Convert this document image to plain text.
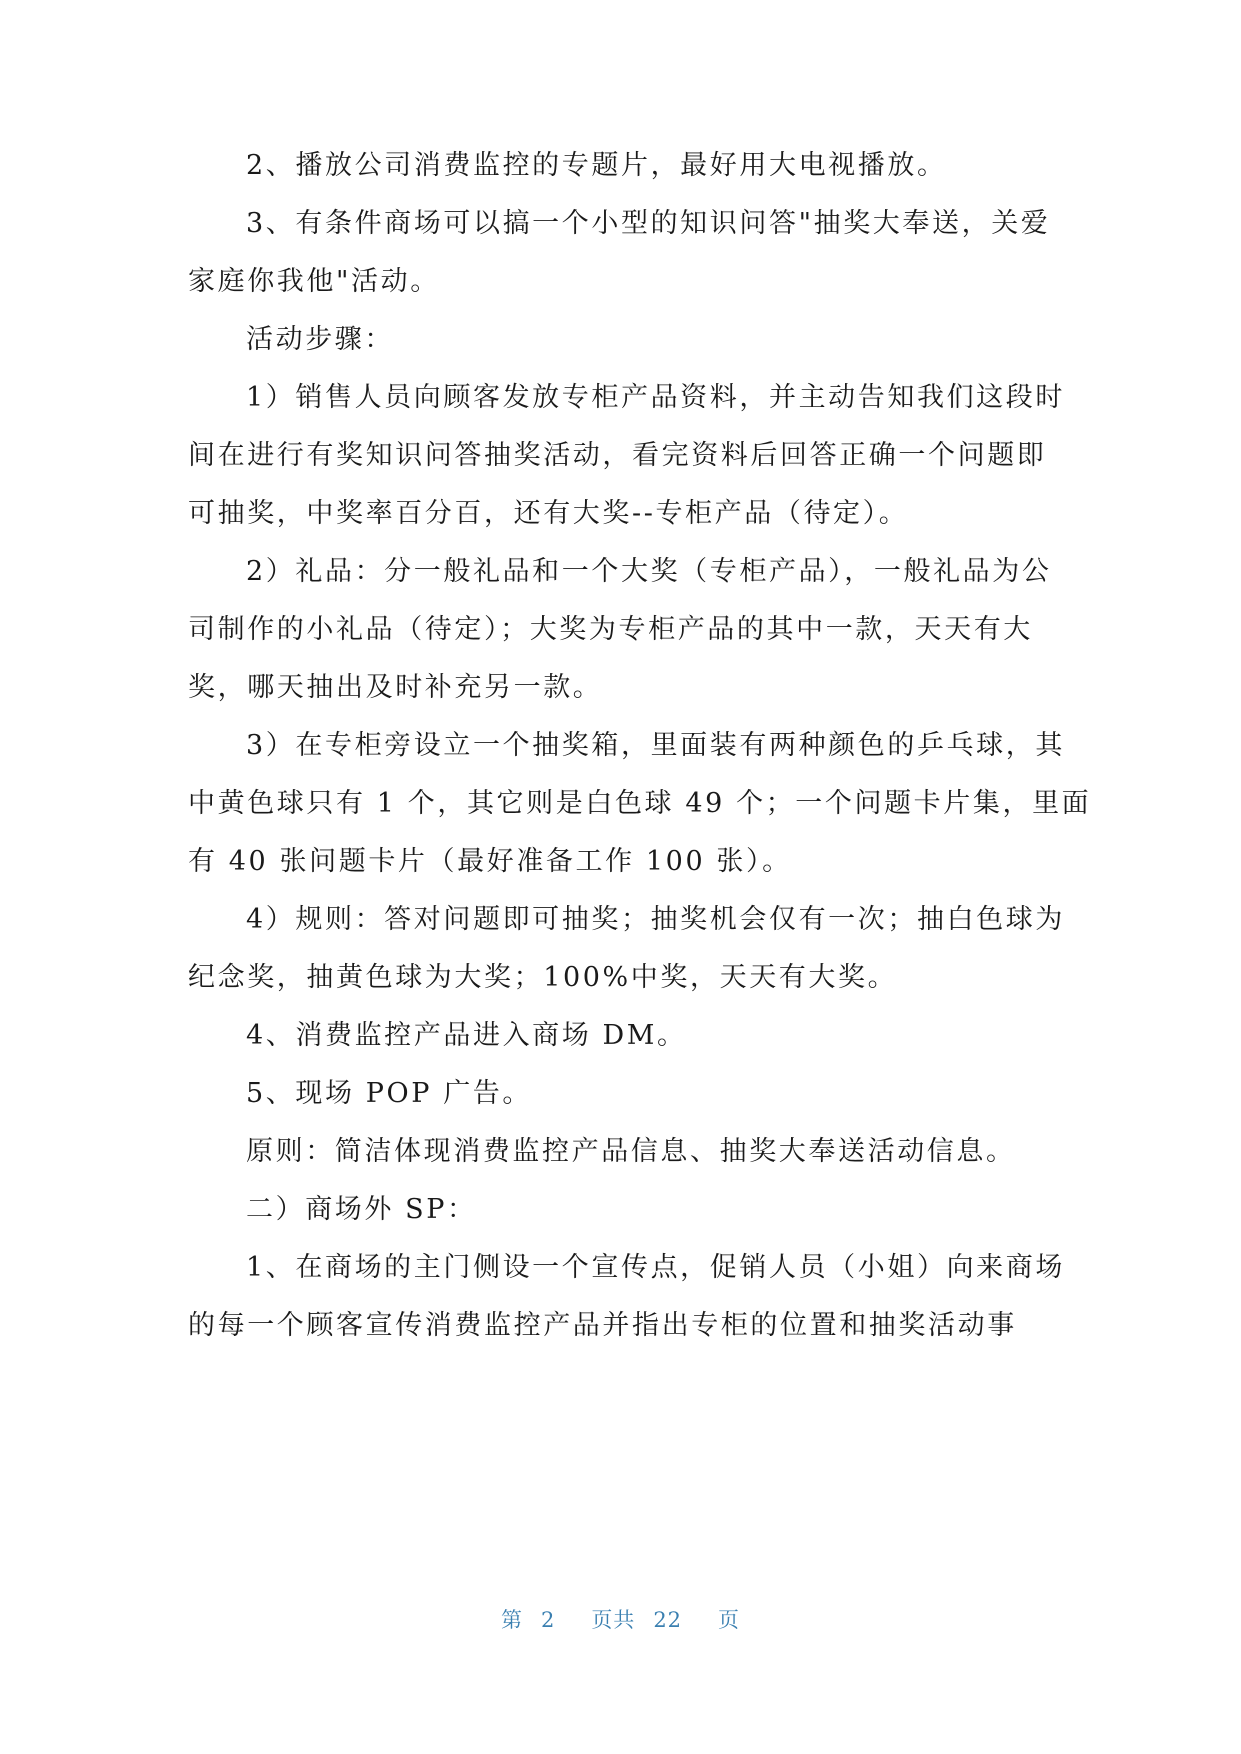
2、播放公司消费监控的专题片，最好用大电视播放。

3、有条件商场可以搞一个小型的知识问答"抽奖大奉送，关爱

家庭你我他"活动。

活动步骤：

1）销售人员向顾客发放专柜产品资料，并主动告知我们这段时

间在进行有奖知识问答抽奖活动，看完资料后回答正确一个问题即

可抽奖，中奖率百分百，还有大奖--专柜产品（待定）。

2）礼品：分一般礼品和一个大奖（专柜产品），一般礼品为公

司制作的小礼品（待定）；大奖为专柜产品的其中一款，天天有大

奖，哪天抽出及时补充另一款。

3）在专柜旁设立一个抽奖箱，里面装有两种颜色的乒乓球，其

中黄色球只有 1 个，其它则是白色球 49 个；一个问题卡片集，里面

有 40 张问题卡片（最好准备工作 100 张）。

4）规则：答对问题即可抽奖；抽奖机会仅有一次；抽白色球为

纪念奖，抽黄色球为大奖；100%中奖，天天有大奖。

4、消费监控产品进入商场 DM。

5、现场 POP 广告。

原则：简洁体现消费监控产品信息、抽奖大奉送活动信息。

二）商场外 SP：

1、在商场的主门侧设一个宣传点，促销人员（小姐）向来商场

的每一个顾客宣传消费监控产品并指出专柜的位置和抽奖活动事

第 2 页共 22 页
